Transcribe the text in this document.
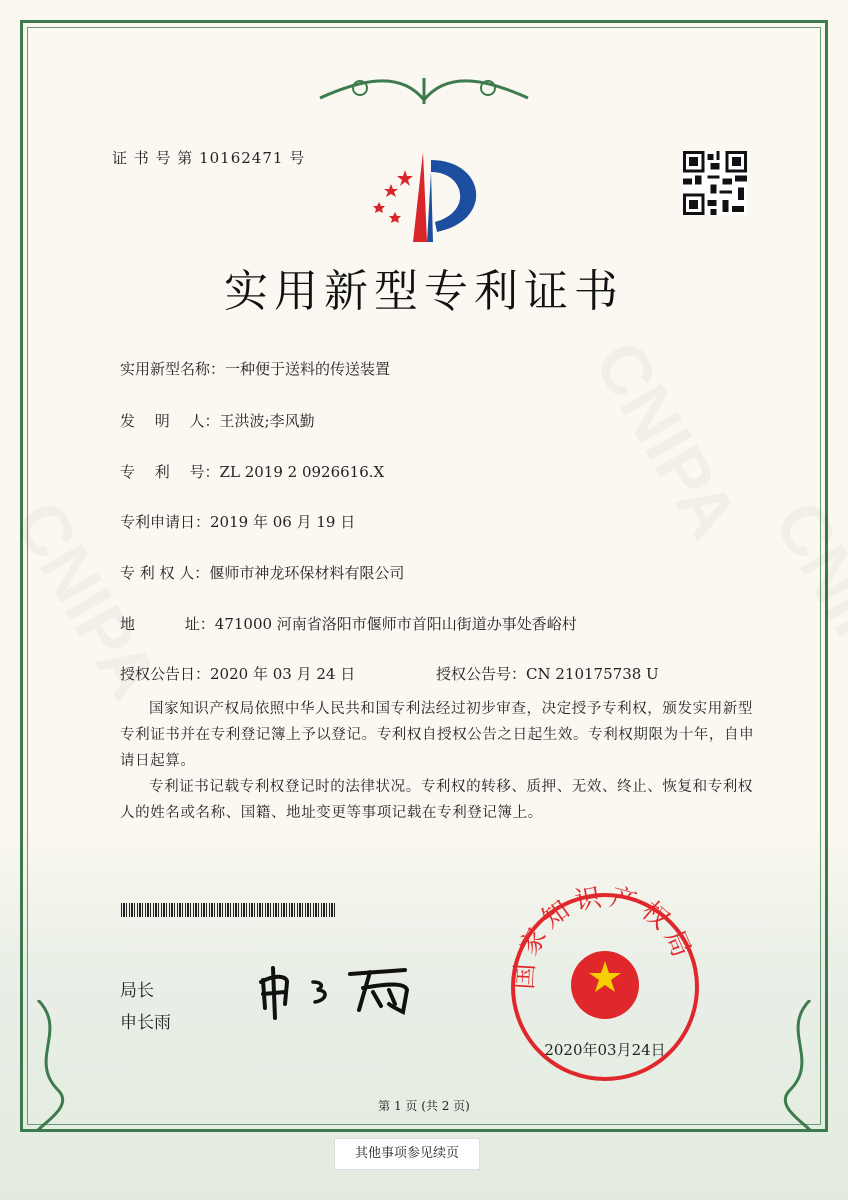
证 书 号 第 10162471 号
实用新型专利证书
实用新型名称：一种便于送料的传送装置
发　 明　 人：王洪波;李风勤
专　 利　 号：ZL 2019 2 0926616.X
专利申请日：2019 年 06 月 19 日
专 利 权 人：偃师市神龙环保材料有限公司
地　　　 址：471000 河南省洛阳市偃师市首阳山街道办事处香峪村
授权公告日：2020 年 03 月 24 日	授权公告号：CN 210175738 U
国家知识产权局依照中华人民共和国专利法经过初步审查，决定授予专利权，颁发实用新型专利证书并在专利登记簿上予以登记。专利权自授权公告之日起生效。专利权期限为十年，自申请日起算。
专利证书记载专利权登记时的法律状况。专利权的转移、质押、无效、终止、恢复和专利权人的姓名或名称、国籍、地址变更等事项记载在专利登记簿上。
局长
申长雨
国家知识产权局
2020年03月24日
第 1 页 (共 2 页)
其他事项参见续页
